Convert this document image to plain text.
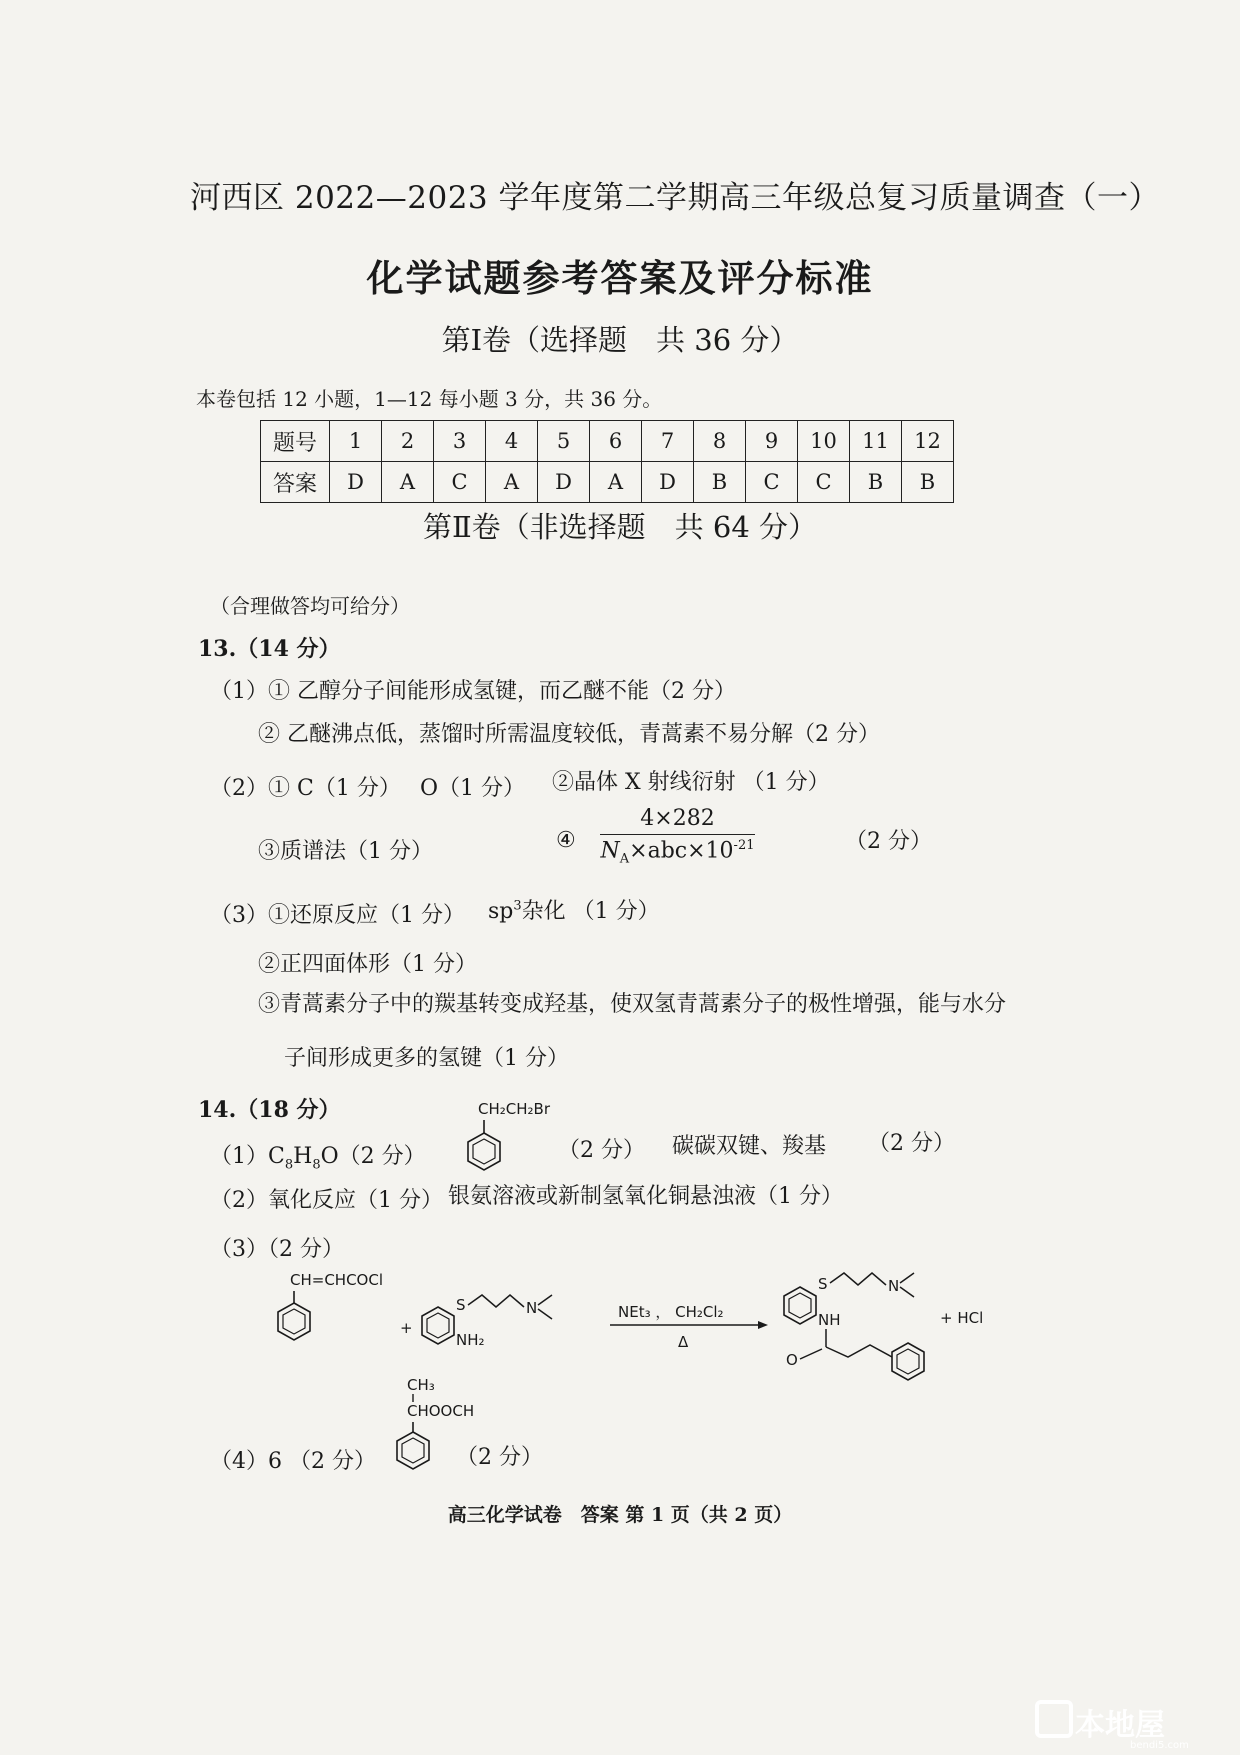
河西区 2022—2023 学年度第二学期高三年级总复习质量调查（一）
化学试题参考答案及评分标准
第Ⅰ卷（选择题　共 36 分）
本卷包括 12 小题，1—12 每小题 3 分，共 36 分。
题号	1	2	3	4	5	6	7	8	9	10	11	12
答案	D	A	C	A	D	A	D	B	C	C	B	B
第Ⅱ卷（非选择题　共 64 分）
（合理做答均可给分）
13.（14 分）
（1）① 乙醇分子间能形成氢键，而乙醚不能（2 分）
② 乙醚沸点低，蒸馏时所需温度较低，青蒿素不易分解（2 分）
（2）① C（1 分） O（1 分） ②晶体 X 射线衍射 （1 分）
③质谱法（1 分）	④
4×282
$N_A\times abc\times 10^{-21}$	（2 分）
（3）①还原反应（1 分） $sp^3$杂化 （1 分）
②正四面体形（1 分）
③青蒿素分子中的羰基转变成羟基，使双氢青蒿素分子的极性增强，能与水分
子间形成更多的氢键（1 分）
14.（18 分）
$(1)C_8H_8O(2$ 分）
CH₂CH₂Br
（2 分） 碳碳双键、羧基 （2 分）
（2）氧化反应（1 分） 银氨溶液或新制氢氧化铜悬浊液（1 分）
（3）（2 分）
CH=CHCOCl
+
S
NH₂
N	NEt₃ ， CH₂Cl₂
Δ
S
NH
N
O
+ HCl
（4）6 （2 分）
CH₃
CHOOCH
（2 分）
高三化学试卷　答案 第 1 页（共 2 页）
本地屋
bendi5.com
